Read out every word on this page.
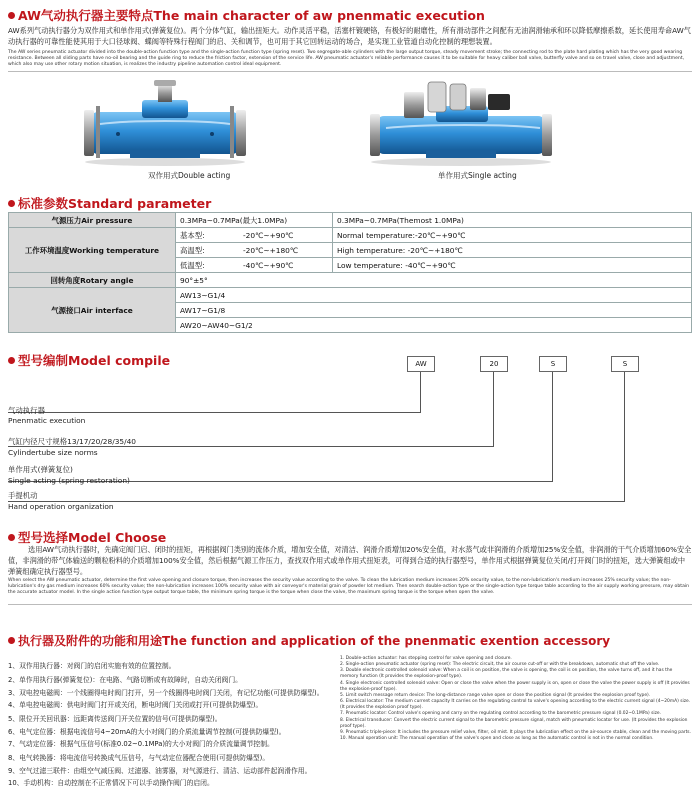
AW气动执行器主要特点The main character of aw pnenmatic execution
AW系列气动执行器分为双作用式和单作用式(弹簧复位)。两个分体气缸，输出扭矩大。动作灵活平稳，活塞杆镀硬铬，有极好的耐磨性，所有滑动部件之间配有无油润滑轴承和环以降低摩擦系数，延长使用寿命AW气动执行器的可靠性能使其用于大口径球阀、蝶阀等特殊行程阀门的启、关和调节，也可用于其它回转运动的场合，是实现工业管道自动化控制的理想装置。
The AW series pneumatic actuator divided into the double-action function type and the single-action function type (spring reset). Two segregate-able cylinders with the large output torque, steady movement stroke; the connecting rod to the plate hard plating which has the very good wearing resistance. Between all sliding parts have no-oil bearing and the guide ring to reduce the friction factor, extension of the service life. AW pneumatic actuator's reliable performance causes it to be suitable for heavy caliber ball valve, butterfly valve and so on travel valve, close and adjustment, which also may use other rotary motion situation, is realizes the industry pipeline automation control ideal equipment.
双作用式Double acting	单作用式Single acting
标准参数Standard parameter
气源压力Air pressure	0.3MPa~0.7MPa(最大1.0MPa)		0.3MPa~0.7MPa(Themost 1.0MPa)
工作环境温度Working temperature	基本型:	-20℃~+90℃	Normal temperature:-20℃~+90℃
	高温型:	-20℃~+180℃	High temperature: -20℃~+180℃
	低温型:	-40℃~+90℃	Low temperature: -40℃~+90℃
回转角度Rotary angle	90°±5°		
气源接口Air interface	AW13~G1/4		
	AW17~G1/8		
	AW20~AW40~G1/2		
型号编制Model compile	AW	20	S	S
气动执行器
Pnenmatic execution
气缸内径尺寸规格13/17/20/28/35/40
Cylindertube size norms
单作用式(弹簧复位)
Single acting (spring restoration)
手提机动
Hand operation organization
型号选择Model Choose
选用AW气动执行器时，先确定阀门启、闭时的扭矩，再根据阀门类别的流体介质，增加安全值，对清洁、润滑介质增加20%安全值，对水蒸气或非润滑的介质增加25%安全值，非润滑的干气介质增加60%安全值，非润滑的带气体输送的颗粒粉料的介质增加100%安全值，然后根据气源工作压力，查找双作用式或单作用式扭矩表，可得到合适的执行器型号，单作用式根据弹簧复位关闭/打开阀门时的扭矩，选大弹簧组或中弹簧组确定执行器型号。
When select the AW pneumatic actuator, determine the first valve opening and closure torque, then increases the security value according to the valve. To clean the lubrication medium increases 20% security value, to the non-lubrication's medium increases 25% security value; the non-lubrication's dry gas medium increases 60% security value; the non-lubrication increases 100% security value with air conveyor's material grain of powder lot medium. Then search double-action type or the single-action type torque table according to the air supply working pressure, may obtain the accurate actuator model. In the single action function type output torque table, the minimum spring torque is the torque when close the valve, the maximum spring torque is the torque when open the valve.
执行器及附件的功能和用途The function and application of the pnenmatic exention accessory
1、双作用执行器：对阀门的启闭实施有效的位置控制。
2、单作用执行器(弹簧复位)：在电路、气路切断或有故障时，自动关闭阀门。
3、双电控电磁阀：一个线圈得电时阀门打开，另一个线圈得电时阀门关闭，有记忆功能(可提供防爆型)。
4、单电控电磁阀：供电时阀门打开或关闭，断电时阀门关闭或打开(可提供防爆型)。
5、限位开关回讯器：远距离传送阀门开关位置的信号(可提供防爆型)。
6、电气定位器：根据电流信号4~20mA的大小对阀门的介质流量调节控制(可提供防爆型)。
7、气动定位器：根据气压信号(标准0.02~0.1MPa)的大小对阀门的介质流量调节控制。
8、电气转换器：将电流信号转换成气压信号，与气动定位器配合使用(可提供防爆型)。
9、空气过滤三联件：由组空气减压阀、过滤器、油雾器，对气源进行、清洁、运动部件起润滑作用。
10、手动机构：自动控制在不正常情况下可以手动操作阀门的启闭。
1. Double-action actuator: has stepping control for valve opening and closure.
2. Single-action pneumatic actuator (spring reset): The electric circuit, the air course cut-off or with the breakdown, automatic shut off the valve.
3. Double electronic controlled solenoid valve: When a coil is on position, the valve is opening, the coil is on position, the valve turns off, and it has the memory function (It provides the explosion-proof type).
4. Single electronic controlled solenoid valve: Open or close the valve when the power supply is on, open or close the valve the power supply is off (It provides the explosion-proof type).
5. Limit switch message return device: The long-distance range valve open or close the position signal (It provides the explosion proof type).
6. Electrical locator: The medium current capacity It carries on the regulating control to valve's opening according to the electric current signal (4~20mA) size. (It provides the explosion proof type).
7. Pneumatic locator: Control valve's opening and carry on the regulating control according to the barometric pressure signal (0.02~0.1MPa) size.
8. Electrical transducer: Convert the electric current signal to the barometric pressure signal, match with pneumatic locator for use. (It provides the explosion proof type).
9. Pneumatic triple-piece: It includes the pressure relief valve, filter, oil mist. It plays the lubrication effect on the air-source stable, clean and the moving parts.
10. Manual operation unit: The manual operation of the valve's open and close as long as the automatic control is not in the normal condition.
